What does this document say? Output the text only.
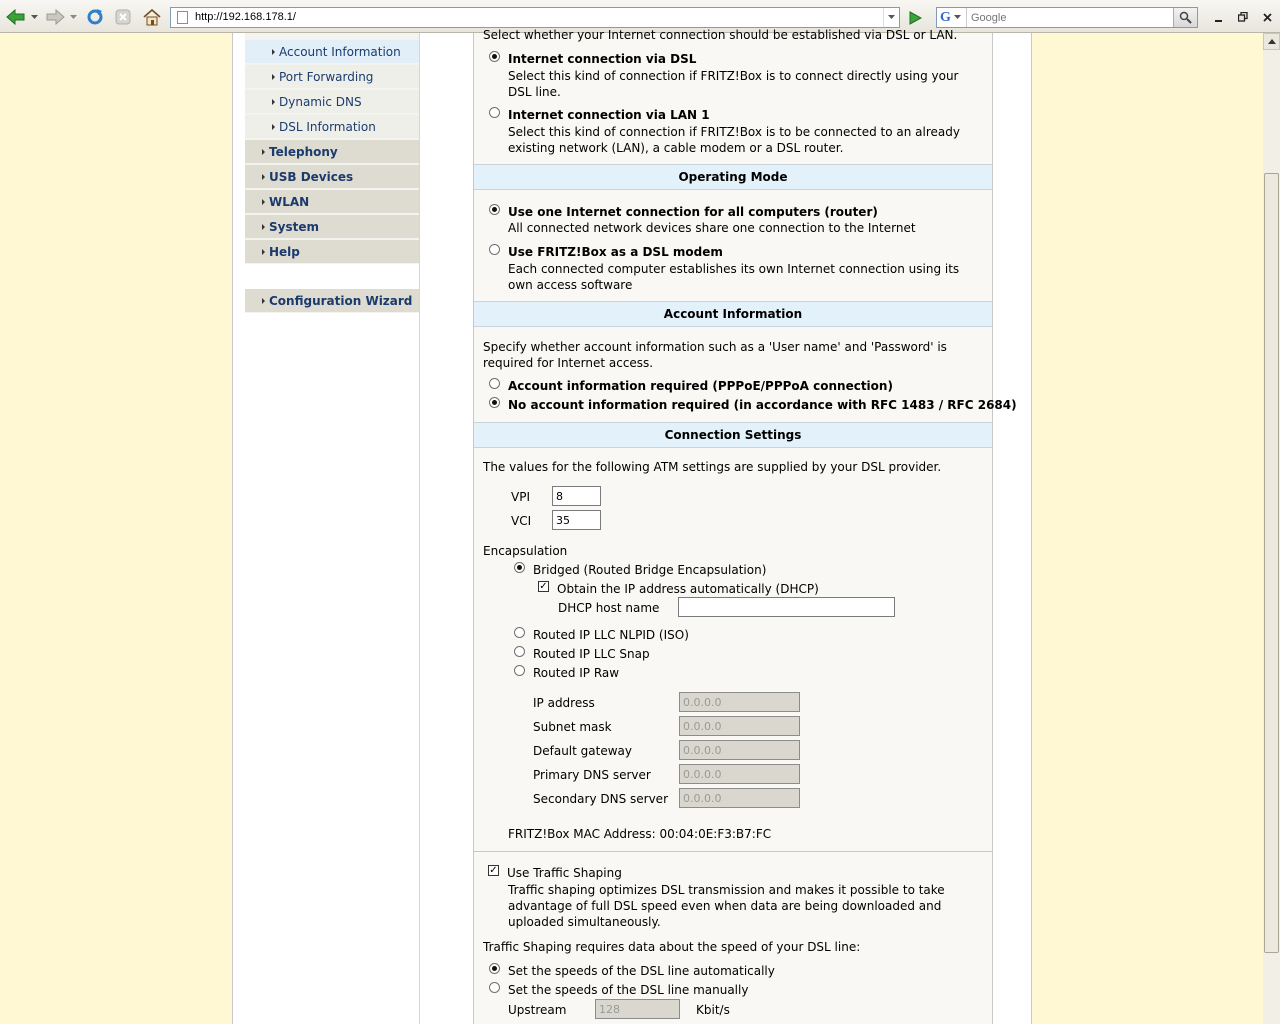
http://192.168.178.1/	G
Google
Account Information
Port Forwarding
Dynamic DNS
DSL Information
Telephony
USB Devices
WLAN
System
Help
Configuration Wizard
Select whether your Internet connection should be established via DSL or LAN.
Internet connection via DSL
Select this kind of connection if FRITZ!Box is to connect directly using your DSL line.
Internet connection via LAN 1
Select this kind of connection if FRITZ!Box is to be connected to an already existing network (LAN), a cable modem or a DSL router.
Operating Mode
Use one Internet connection for all computers (router)
All connected network devices share one connection to the Internet
Use FRITZ!Box as a DSL modem
Each connected computer establishes its own Internet connection using its own access software
Account Information
Specify whether account information such as a 'User name' and 'Password' is required for Internet access.
Account information required (PPPoE/PPPoA connection)
No account information required (in accordance with RFC 1483 / RFC 2684)
Connection Settings
The values for the following ATM settings are supplied by your DSL provider.
VPI
8
VCI
35
Encapsulation
Bridged (Routed Bridge Encapsulation)
✓ Obtain the IP address automatically (DHCP)
DHCP host name
Routed IP LLC NLPID (ISO)
Routed IP LLC Snap
Routed IP Raw
IP address
0.0.0.0
Subnet mask
0.0.0.0
Default gateway
0.0.0.0
Primary DNS server
0.0.0.0
Secondary DNS server
0.0.0.0
FRITZ!Box MAC Address: 00:04:0E:F3:B7:FC
✓ Use Traffic Shaping
Traffic shaping optimizes DSL transmission and makes it possible to take advantage of full DSL speed even when data are being downloaded and uploaded simultaneously.
Traffic Shaping requires data about the speed of your DSL line:
Set the speeds of the DSL line automatically
Set the speeds of the DSL line manually
Upstream
128	Kbit/s
